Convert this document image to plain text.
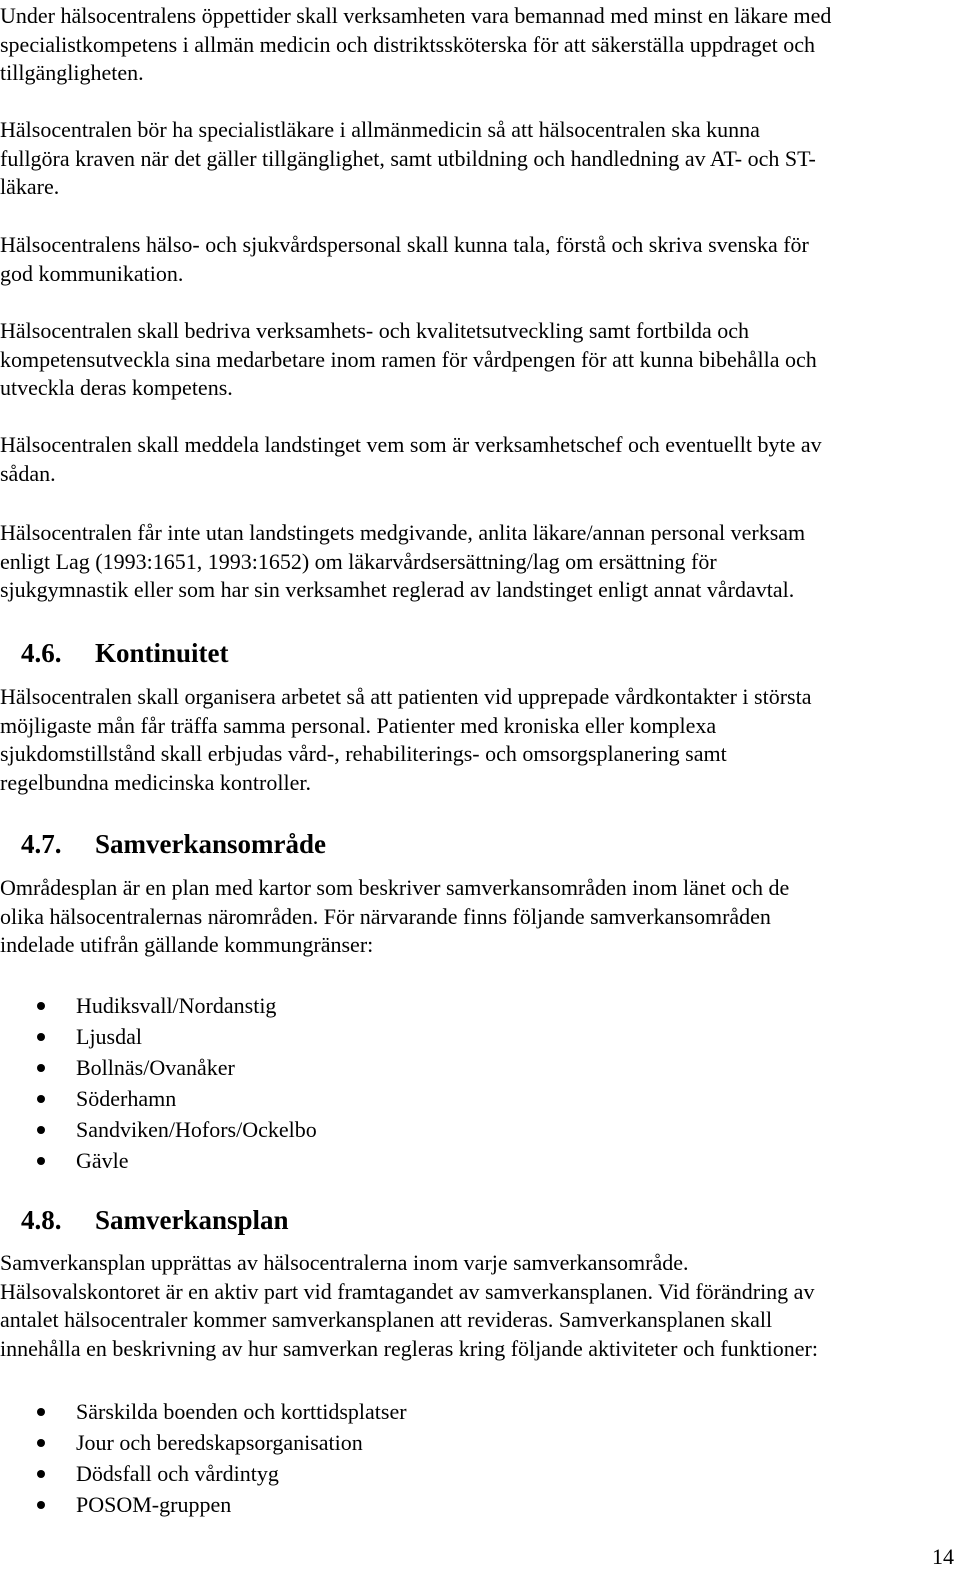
Under hälsocentralens öppettider skall verksamheten vara bemannad med minst en läkare med
specialistkompetens i allmän medicin och distriktssköterska för att säkerställa uppdraget och
tillgängligheten.

Hälsocentralen bör ha specialistläkare i allmänmedicin så att hälsocentralen ska kunna
fullgöra kraven när det gäller tillgänglighet, samt utbildning och handledning av AT- och ST-
läkare.

Hälsocentralens hälso- och sjukvårdspersonal skall kunna tala, förstå och skriva svenska för
god kommunikation.

Hälsocentralen skall bedriva verksamhets- och kvalitetsutveckling samt fortbilda och
kompetensutveckla sina medarbetare inom ramen för vårdpengen för att kunna bibehålla och
utveckla deras kompetens.

Hälsocentralen skall meddela landstinget vem som är verksamhetschef och eventuellt byte av
sådan.

Hälsocentralen får inte utan landstingets medgivande, anlita läkare/annan personal verksam
enligt Lag (1993:1651, 1993:1652) om läkarvårdsersättning/lag om ersättning för
sjukgymnastik eller som har sin verksamhet reglerad av landstinget enligt annat vårdavtal.

4.6. Kontinuitet

Hälsocentralen skall organisera arbetet så att patienten vid upprepade vårdkontakter i största
möjligaste mån får träffa samma personal. Patienter med kroniska eller komplexa
sjukdomstillstånd skall erbjudas vård-, rehabiliterings- och omsorgsplanering samt
regelbundna medicinska kontroller.

4.7. Samverkansområde

Områdesplan är en plan med kartor som beskriver samverkansområden inom länet och de
olika hälsocentralernas närområden. För närvarande finns följande samverkansområden
indelade utifrån gällande kommungränser:

Hudiksvall/Nordanstig
Ljusdal
Bollnäs/Ovanåker
Söderhamn
Sandviken/Hofors/Ockelbo
Gävle
4.8. Samverkansplan

Samverkansplan upprättas av hälsocentralerna inom varje samverkansområde.
Hälsovalskontoret är en aktiv part vid framtagandet av samverkansplanen. Vid förändring av
antalet hälsocentraler kommer samverkansplanen att revideras. Samverkansplanen skall
innehålla en beskrivning av hur samverkan regleras kring följande aktiviteter och funktioner:

Särskilda boenden och korttidsplatser
Jour och beredskapsorganisation
Dödsfall och vårdintyg
POSOM-gruppen
14
